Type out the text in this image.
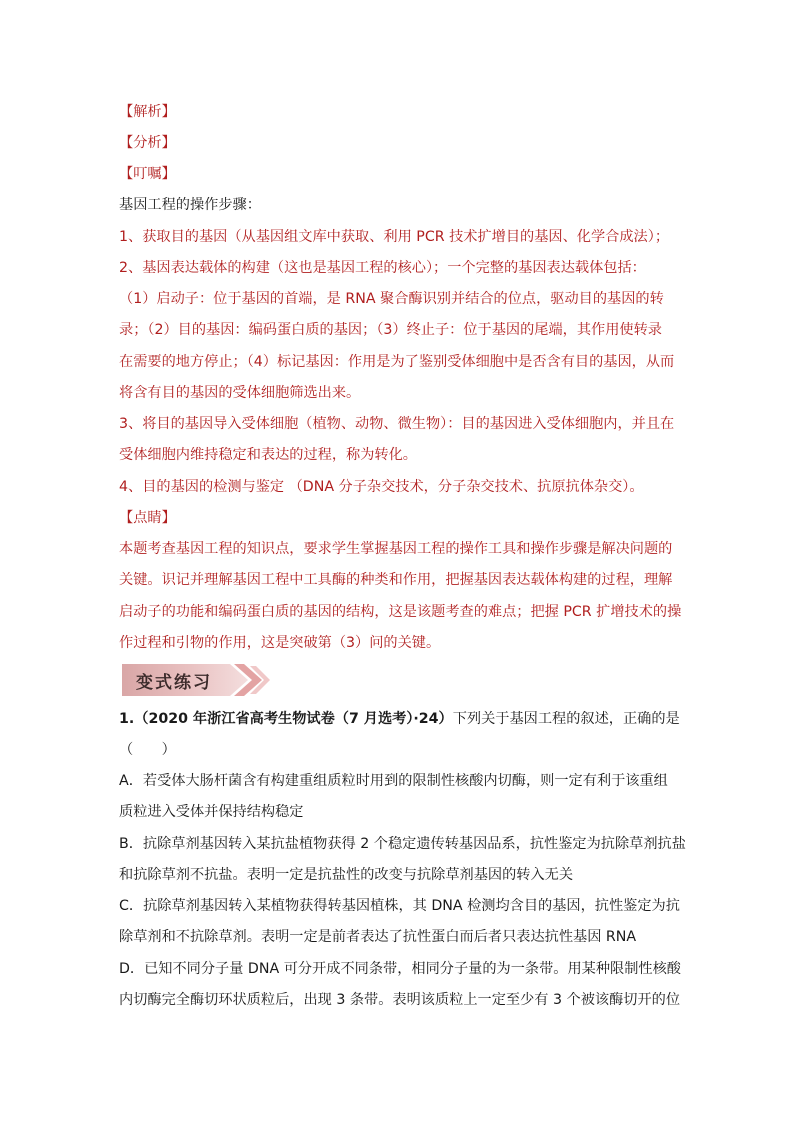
【解析】
【分析】
【叮嘱】
基因工程的操作步骤：
1、获取目的基因（从基因组文库中获取、利用 PCR 技术扩增目的基因、化学合成法）；
2、基因表达载体的构建（这也是基因工程的核心）；一个完整的基因表达载体包括：
（1）启动子：位于基因的首端，是 RNA 聚合酶识别并结合的位点，驱动目的基因的转
录；（2）目的基因：编码蛋白质的基因；（3）终止子：位于基因的尾端，其作用使转录
在需要的地方停止；（4）标记基因：作用是为了鉴别受体细胞中是否含有目的基因，从而
将含有目的基因的受体细胞筛选出来。
3、将目的基因导入受体细胞（植物、动物、微生物）：目的基因进入受体细胞内，并且在
受体细胞内维持稳定和表达的过程，称为转化。
4、目的基因的检测与鉴定 （DNA 分子杂交技术，分子杂交技术、抗原抗体杂交）。
【点睛】
本题考查基因工程的知识点，要求学生掌握基因工程的操作工具和操作步骤是解决问题的
关键。识记并理解基因工程中工具酶的种类和作用，把握基因表达载体构建的过程，理解
启动子的功能和编码蛋白质的基因的结构，这是该题考查的难点；把握 PCR 扩增技术的操
作过程和引物的作用，这是突破第（3）问的关键。
变式练习
1.（2020 年浙江省高考生物试卷（7 月选考）·24）下列关于基因工程的叙述，正确的是
（　　）
A．若受体大肠杆菌含有构建重组质粒时用到的限制性核酸内切酶，则一定有利于该重组
质粒进入受体并保持结构稳定
B．抗除草剂基因转入某抗盐植物获得 2 个稳定遗传转基因品系，抗性鉴定为抗除草剂抗盐
和抗除草剂不抗盐。表明一定是抗盐性的改变与抗除草剂基因的转入无关
C．抗除草剂基因转入某植物获得转基因植株，其 DNA 检测均含目的基因，抗性鉴定为抗
除草剂和不抗除草剂。表明一定是前者表达了抗性蛋白而后者只表达抗性基因 RNA
D．已知不同分子量 DNA 可分开成不同条带，相同分子量的为一条带。用某种限制性核酸
内切酶完全酶切环状质粒后，出现 3 条带。表明该质粒上一定至少有 3 个被该酶切开的位
